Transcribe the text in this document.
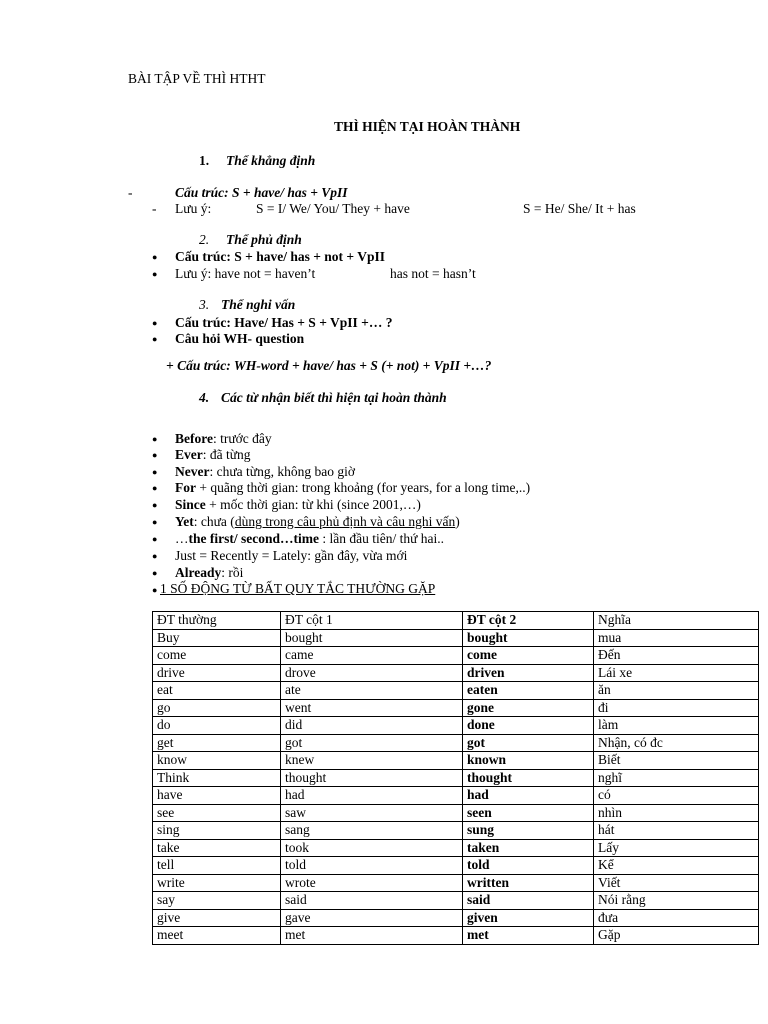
BÀI TẬP VỀ THÌ HTHT
THÌ HIỆN TẠI HOÀN THÀNH
1. Thể khẳng định
-	Cấu trúc: S + have/ has + VpII
- Lưu ý:	S = I/ We/ You/ They + have	S = He/ She/ It + has
2. Thể phủ định
● Cấu trúc: S + have/ has + not + VpII
● Lưu ý: have not = haven’t	has not = hasn’t
3. Thể nghi vấn
● Cấu trúc: Have/ Has + S + VpII +… ?
● Câu hỏi WH- question
+ Cấu trúc: WH-word + have/ has + S (+ not) + VpII +…?
4. Các từ nhận biết thì hiện tại hoàn thành
● Before: trước đây
● Ever: đã từng
● Never: chưa từng, không bao giờ
● For + quãng thời gian: trong khoảng (for years, for a long time,..)
● Since + mốc thời gian: từ khi (since 2001,…)
● Yet: chưa (dùng trong câu phủ định và câu nghi vấn)
● …the first/ second…time : lần đầu tiên/ thứ hai..
● Just = Recently = Lately: gần đây, vừa mới
● Already: rồi
● 1 SỐ ĐỘNG TỪ BẤT QUY TẮC THƯỜNG GẶP
ĐT thường	ĐT cột 1	ĐT cột 2	Nghĩa
Buy	bought	bought	mua
come	came	come	Đến
drive	drove	driven	Lái xe
eat	ate	eaten	ăn
go	went	gone	đi
do	did	done	làm
get	got	got	Nhận, có đc
know	knew	known	Biết
Think	thought	thought	nghĩ
have	had	had	có
see	saw	seen	nhìn
sing	sang	sung	hát
take	took	taken	Lấy
tell	told	told	Kể
write	wrote	written	Viết
say	said	said	Nói rằng
give	gave	given	đưa
meet	met	met	Gặp
